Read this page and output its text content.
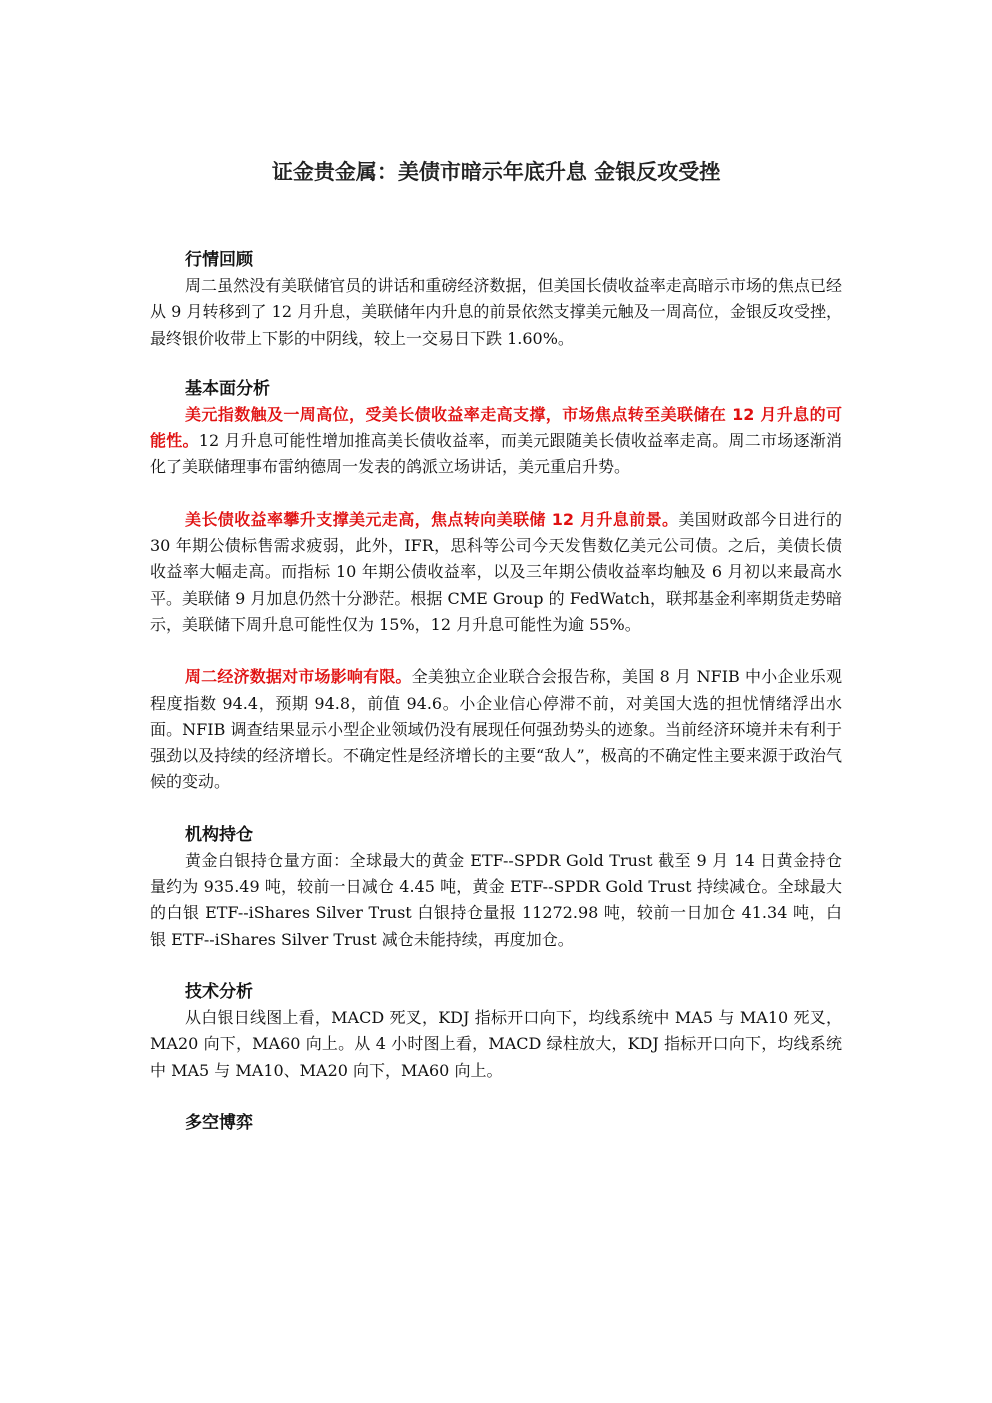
证金贵金属：美债市暗示年底升息 金银反攻受挫
行情回顾

周二虽然没有美联储官员的讲话和重磅经济数据，但美国长债收益率走高暗示市场的焦点已经从 9 月转移到了 12 月升息，美联储年内升息的前景依然支撑美元触及一周高位，金银反攻受挫，最终银价收带上下影的中阴线，较上一交易日下跌 1.60%。

基本面分析

美元指数触及一周高位，受美长债收益率走高支撑，市场焦点转至美联储在 12 月升息的可能性。12 月升息可能性增加推高美长债收益率，而美元跟随美长债收益率走高。周二市场逐渐消化了美联储理事布雷纳德周一发表的鸽派立场讲话，美元重启升势。

美长债收益率攀升支撑美元走高，焦点转向美联储 12 月升息前景。美国财政部今日进行的 30 年期公债标售需求疲弱，此外，IFR，思科等公司今天发售数亿美元公司债。之后，美债长债收益率大幅走高。而指标 10 年期公债收益率，以及三年期公债收益率均触及 6 月初以来最高水平。美联储 9 月加息仍然十分渺茫。根据 CME Group 的 FedWatch，联邦基金利率期货走势暗示，美联储下周升息可能性仅为 15%，12 月升息可能性为逾 55%。

周二经济数据对市场影响有限。全美独立企业联合会报告称，美国 8 月 NFIB 中小企业乐观程度指数 94.4，预期 94.8，前值 94.6。小企业信心停滞不前，对美国大选的担忧情绪浮出水面。NFIB 调查结果显示小型企业领域仍没有展现任何强劲势头的迹象。当前经济环境并未有利于强劲以及持续的经济增长。不确定性是经济增长的主要“敌人”，极高的不确定性主要来源于政治气候的变动。

机构持仓

黄金白银持仓量方面：全球最大的黄金 ETF--SPDR Gold Trust 截至 9 月 14 日黄金持仓量约为 935.49 吨，较前一日减仓 4.45 吨，黄金 ETF--SPDR Gold Trust 持续减仓。全球最大的白银 ETF--iShares Silver Trust 白银持仓量报 11272.98 吨，较前一日加仓 41.34 吨，白银 ETF--iShares Silver Trust 减仓未能持续，再度加仓。

技术分析

从白银日线图上看，MACD 死叉，KDJ 指标开口向下，均线系统中 MA5 与 MA10 死叉，MA20 向下，MA60 向上。从 4 小时图上看，MACD 绿柱放大，KDJ 指标开口向下，均线系统中 MA5 与 MA10、MA20 向下，MA60 向上。

多空博弈
